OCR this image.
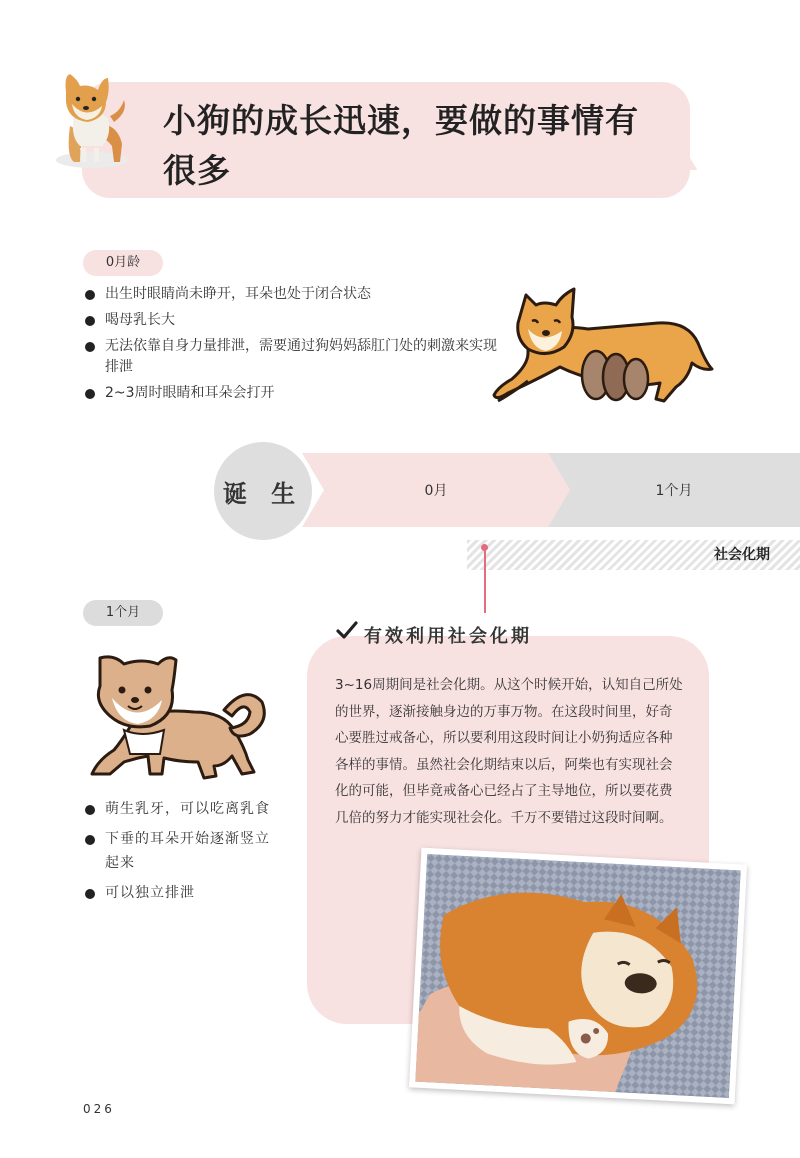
小狗的成长迅速，要做的事情有
很多
0月龄
出生时眼睛尚未睁开，耳朵也处于闭合状态
喝母乳长大
无法依靠自身力量排泄，需要通过狗妈妈舔肛门处的刺激来实现排泄
2~3周时眼睛和耳朵会打开
诞 生	0月	1个月
社会化期
1个月
萌生乳牙，可以吃离乳食
下垂的耳朵开始逐渐竖立起来
可以独立排泄
有效利用社会化期
3~16周期间是社会化期。从这个时候开始，认知自己所处的世界，逐渐接触身边的万事万物。在这段时间里，好奇心要胜过戒备心，所以要利用这段时间让小奶狗适应各种各样的事情。虽然社会化期结束以后，阿柴也有实现社会化的可能，但毕竟戒备心已经占了主导地位，所以要花费几倍的努力才能实现社会化。千万不要错过这段时间啊。
026
